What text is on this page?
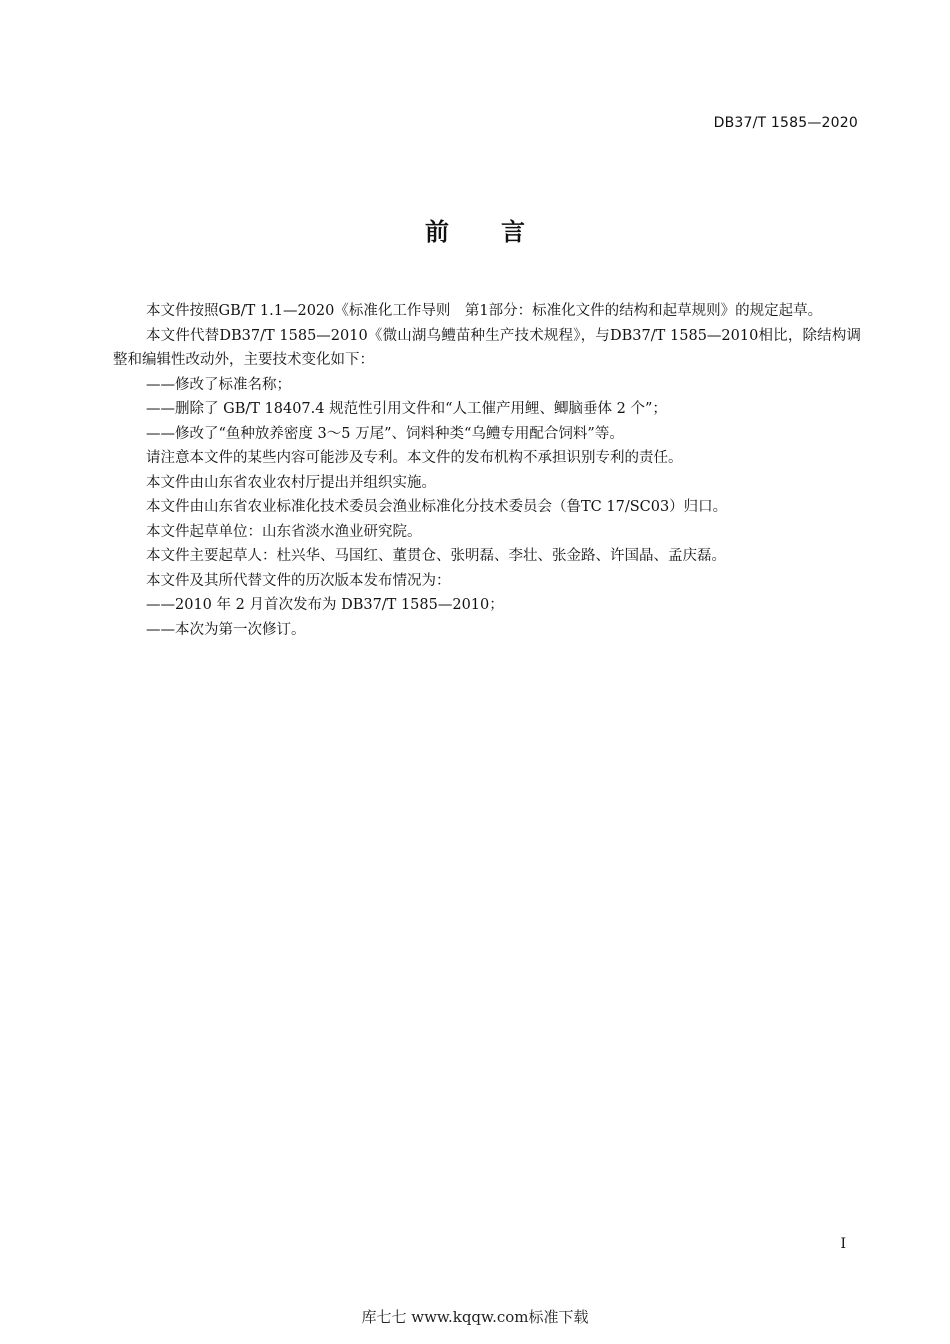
DB37/T 1585—2020
前言

本文件按照GB/T 1.1—2020《标准化工作导则　第1部分：标准化文件的结构和起草规则》的规定起草。

本文件代替DB37/T 1585—2010《微山湖乌鳢苗种生产技术规程》，与DB37/T 1585—2010相比，除结构调整和编辑性改动外，主要技术变化如下：

——修改了标准名称；

——删除了 GB/T 18407.4 规范性引用文件和“人工催产用鲤、鲫脑垂体 2 个”；

——修改了“鱼种放养密度 3～5 万尾”、饲料种类“乌鳢专用配合饲料”等。

请注意本文件的某些内容可能涉及专利。本文件的发布机构不承担识别专利的责任。

本文件由山东省农业农村厅提出并组织实施。

本文件由山东省农业标准化技术委员会渔业标准化分技术委员会（鲁TC 17/SC03）归口。

本文件起草单位：山东省淡水渔业研究院。

本文件主要起草人：杜兴华、马国红、董贯仓、张明磊、李壮、张金路、许国晶、孟庆磊。

本文件及其所代替文件的历次版本发布情况为：

——2010 年 2 月首次发布为 DB37/T 1585—2010；

——本次为第一次修订。

I
库七七 www.kqqw.com标准下载
